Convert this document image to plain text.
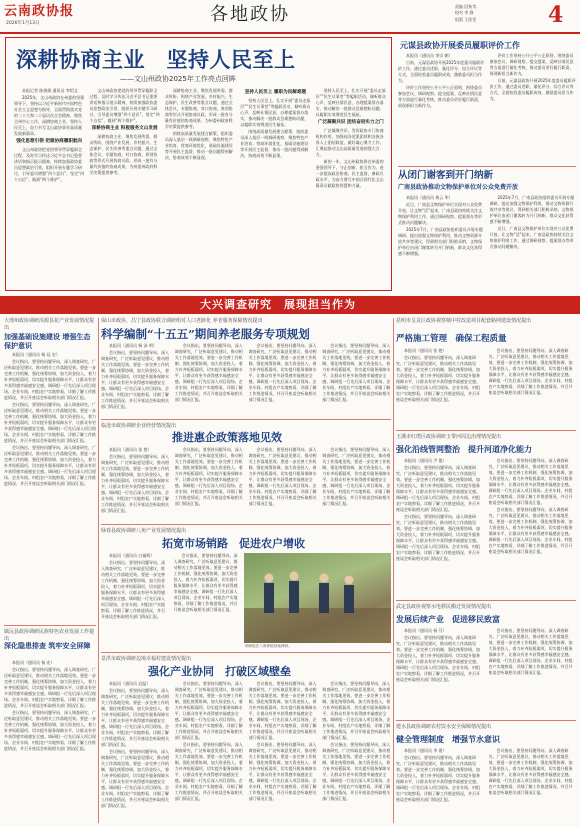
云南政协报
2026年1月13日	各地政协	责编 段秋苇
校对 李 静
组版 王欣雯	4
深耕协商主业　坚持人民至上
——文山州政协2025年工作亮点回眸

本报记者 陈娟娟 通讯员 李绍文

2025年，文山州政协在州委的坚强领导下，坚持以习近平新时代中国特色社会主义思想为指导，全面贯彻落实党的二十大和二十届历次全会精神，聚焦全州中心工作，深耕协商主业，坚持人民至上，奋力书写文山政协事业高质量发展新篇章。

强化思想引领 把稳协商履职航向

文山州政协把党的领导贯穿履职全过程，及时学习传达习近平总书记重要讲话和指示批示精神，持续加强政协委员思想政治引领，组织开展专题学习研讨，引导委员增强“四个意识”、坚定“四个自信”、做到“两个维护”。

文山州政协把党的领导贯穿履职全过程，及时学习传达习近平总书记重要讲话和指示批示精神，持续加强政协委员思想政治引领，组织开展专题学习研讨，引导委员增强“四个意识”、坚定“四个自信”、做到“两个维护”。

深耕协商主业 积极服务文山发展

深耕协商主业，聚焦发展所需、群众所盼，围绕产业发展、乡村振兴、生态保护、民生改善等重点议题，通过全体会议、专题协商、对口协商、界别协商等形式开展协商议政，形成一批有分量有价值的协商成果，为州委州政府科学决策提供参考。

深耕协商主业，聚焦发展所需、群众所盼，围绕产业发展、乡村振兴、生态保护、民生改善等重点议题，通过全体会议、专题协商、对口协商、界别协商等形式开展协商议政，形成一批有分量有价值的协商成果，为州委州政府科学决策提供参考。

围绕高质量发展建言献策，组织委员深入基层一线调研视察，聚焦特色产业培育、营商环境优化、基础设施建设等开展民主监督，推动一批问题得到解决，协商成效不断显现。

坚持人民至上 履职为民解难题

坚持人民至上，扎实开展“委员走基层”“民生议事堂”等履职活动，倾听群众心声，反映社情民意，办理提案督办落实，推动解决一批群众急难愁盼问题，以履职实效增进民生福祉。

围绕高质量发展建言献策，组织委员深入基层一线调研视察，聚焦特色产业培育、营商环境优化、基础设施建设等开展民主监督，推动一批问题得到解决，协商成效不断显现。

坚持人民至上，扎实开展“委员走基层”“民生议事堂”等履职活动，倾听群众心声，反映社情民意，办理提案督办落实，推动解决一批群众急难愁盼问题，以履职实效增进民生福祉。

广泛凝聚共识 团结奋进实力之门

广泛凝聚共识，发挥政协专门协商机构作用，加强同各党派团体和各族各界人士团结联谊，做好凝心聚力工作，汇聚起推动文山高质量发展的强大合力。

新的一年，文山州政协将在州委的坚强领导下，守正创新、担当作为，进一步提高政治协商、民主监督、参政议政水平，为奋力谱写中国式现代化文山篇章贡献政协智慧和力量。

元谋县政协开展委员履职评价工作

本报讯（通讯员 李宗 朝）

日前，元谋县政协开展2025年度委员履职评价工作，通过委员述职、量化评分、综合评议等方式，全面检验委员履职成效，激励委员担当作为。

评价工作坚持公开公平公正原则，围绕委员参加会议、调研视察、提交提案、反映社情民意等方面进行量化考核，推动委员更好履行职责，展现新担当新作为。

评价工作坚持公开公平公正原则，围绕委员参加会议、调研视察、提交提案、反映社情民意等方面进行量化考核，推动委员更好履行职责，展现新担当新作为。

日前，元谋县政协开展2025年度委员履职评价工作，通过委员述职、量化评分、综合评议等方式，全面检验委员履职成效，激励委员担当作为。

从闭门谢客到开门纳新
广南县政协推动文物保护单位对公众免费开放

本报讯（通讯员 黄云 华）

近日，广南县文物保护单位实现对公众免费开放，让文物“活”起来，广南县政协持续关注文物保护利用工作，通过调研视察、提案督办等形式推动问题解决。

2025年7月，广南县政协组织委员开展专题调研，提出加强文物保护利用、推动文物资源开放共享等建议，得到相关部门积极采纳，文物保护单位由闭门谢客转为开门纳新，群众文化获得感不断增强。

2025年7月，广南县政协组织委员开展专题调研，提出加强文物保护利用、推动文物资源开放共享等建议，得到相关部门积极采纳，文物保护单位由闭门谢客转为开门纳新，群众文化获得感不断增强。

近日，广南县文物保护单位实现对公众免费开放，让文物“活”起来，广南县政协持续关注文物保护利用工作，通过调研视察、提案督办等形式推动问题解决。

大兴调查研究　展现担当作为
大理州政协调研洱源县花产业发展情况提出
加强基础设施建设 增强生态保护意识

本报讯（通讯员 杨 冠 宏）

会议指出，要坚持问题导向，深入调查研究，广泛听取意见建议，推动相关工作落地见效。要进一步完善工作机制，强化统筹协调，加大资金投入，着力补齐短板弱项，切实提升服务保障水平，让群众有更多获得感幸福感安全感。调研组一行先后深入项目现场、企业车间、村组农户实地察看，详细了解工作推进情况，并召开座谈会听取相关部门情况汇报。

会议指出，要坚持问题导向，深入调查研究，广泛听取意见建议，推动相关工作落地见效。要进一步完善工作机制，强化统筹协调，加大资金投入，着力补齐短板弱项，切实提升服务保障水平，让群众有更多获得感幸福感安全感。调研组一行先后深入项目现场、企业车间、村组农户实地察看，详细了解工作推进情况，并召开座谈会听取相关部门情况汇报。

会议指出，要坚持问题导向，深入调查研究，广泛听取意见建议，推动相关工作落地见效。要进一步完善工作机制，强化统筹协调，加大资金投入，着力补齐短板弱项，切实提升服务保障水平，让群众有更多获得感幸福感安全感。调研组一行先后深入项目现场、企业车间、村组农户实地察看，详细了解工作推进情况，并召开座谈会听取相关部门情况汇报。

镇沅县政协调研民族特色农业发展工作提出
深化隐患排查 筑牢安全屏障

本报讯（通讯员 杨 宏）

会议指出，要坚持问题导向，深入调查研究，广泛听取意见建议，推动相关工作落地见效。要进一步完善工作机制，强化统筹协调，加大资金投入，着力补齐短板弱项，切实提升服务保障水平，让群众有更多获得感幸福感安全感。调研组一行先后深入项目现场、企业车间、村组农户实地察看，详细了解工作推进情况，并召开座谈会听取相关部门情况汇报。

会议指出，要坚持问题导向，深入调查研究，广泛听取意见建议，推动相关工作落地见效。要进一步完善工作机制，强化统筹协调，加大资金投入，着力补齐短板弱项，切实提升服务保障水平，让群众有更多获得感幸福感安全感。调研组一行先后深入项目现场、企业车间、村组农户实地察看，详细了解工作推进情况，并召开座谈会听取相关部门情况汇报。

保山市政协、昌宁县政协联合调研组对人口老龄化 养老服务保障情况提出
科学编制“十五五”期间养老服务专项规划

本报讯（通讯员 杨 泽 明）

会议指出，要坚持问题导向，深入调查研究，广泛听取意见建议，推动相关工作落地见效。要进一步完善工作机制，强化统筹协调，加大资金投入，着力补齐短板弱项，切实提升服务保障水平，让群众有更多获得感幸福感安全感。调研组一行先后深入项目现场、企业车间、村组农户实地察看，详细了解工作推进情况，并召开座谈会听取相关部门情况汇报。

会议指出，要坚持问题导向，深入调查研究，广泛听取意见建议，推动相关工作落地见效。要进一步完善工作机制，强化统筹协调，加大资金投入，着力补齐短板弱项，切实提升服务保障水平，让群众有更多获得感幸福感安全感。调研组一行先后深入项目现场、企业车间、村组农户实地察看，详细了解工作推进情况，并召开座谈会听取相关部门情况汇报。

会议指出，要坚持问题导向，深入调查研究，广泛听取意见建议，推动相关工作落地见效。要进一步完善工作机制，强化统筹协调，加大资金投入，着力补齐短板弱项，切实提升服务保障水平，让群众有更多获得感幸福感安全感。调研组一行先后深入项目现场、企业车间、村组农户实地察看，详细了解工作推进情况，并召开座谈会听取相关部门情况汇报。

会议指出，要坚持问题导向，深入调查研究，广泛听取意见建议，推动相关工作落地见效。要进一步完善工作机制，强化统筹协调，加大资金投入，着力补齐短板弱项，切实提升服务保障水平，让群众有更多获得感幸福感安全感。调研组一行先后深入项目现场、企业车间、村组农户实地察看，详细了解工作推进情况，并召开座谈会听取相关部门情况汇报。

临沧市政协调研企业经营情况提出
推进惠企政策落地见效

本报讯（通讯员 张 艳）

会议指出，要坚持问题导向，深入调查研究，广泛听取意见建议，推动相关工作落地见效。要进一步完善工作机制，强化统筹协调，加大资金投入，着力补齐短板弱项，切实提升服务保障水平，让群众有更多获得感幸福感安全感。调研组一行先后深入项目现场、企业车间、村组农户实地察看，详细了解工作推进情况，并召开座谈会听取相关部门情况汇报。

会议指出，要坚持问题导向，深入调查研究，广泛听取意见建议，推动相关工作落地见效。要进一步完善工作机制，强化统筹协调，加大资金投入，着力补齐短板弱项，切实提升服务保障水平，让群众有更多获得感幸福感安全感。调研组一行先后深入项目现场、企业车间、村组农户实地察看，详细了解工作推进情况，并召开座谈会听取相关部门情况汇报。

会议指出，要坚持问题导向，深入调查研究，广泛听取意见建议，推动相关工作落地见效。要进一步完善工作机制，强化统筹协调，加大资金投入，着力补齐短板弱项，切实提升服务保障水平，让群众有更多获得感幸福感安全感。调研组一行先后深入项目现场、企业车间、村组农户实地察看，详细了解工作推进情况，并召开座谈会听取相关部门情况汇报。

会议指出，要坚持问题导向，深入调查研究，广泛听取意见建议，推动相关工作落地见效。要进一步完善工作机制，强化统筹协调，加大资金投入，着力补齐短板弱项，切实提升服务保障水平，让群众有更多获得感幸福感安全感。调研组一行先后深入项目现场、企业车间、村组农户实地察看，详细了解工作推进情况，并召开座谈会听取相关部门情况汇报。

绿春县政协调研八角产业发展情况提出
拓宽市场销路　促进农户增收

本报讯（通讯员 白福辉）

会议指出，要坚持问题导向，深入调查研究，广泛听取意见建议，推动相关工作落地见效。要进一步完善工作机制，强化统筹协调，加大资金投入，着力补齐短板弱项，切实提升服务保障水平，让群众有更多获得感幸福感安全感。调研组一行先后深入项目现场、企业车间、村组农户实地察看，详细了解工作推进情况，并召开座谈会听取相关部门情况汇报。

会议指出，要坚持问题导向，深入调查研究，广泛听取意见建议，推动相关工作落地见效。要进一步完善工作机制，强化统筹协调，加大资金投入，着力补齐短板弱项，切实提升服务保障水平，让群众有更多获得感幸福感安全感。调研组一行先后深入项目现场、企业车间、村组农户实地察看，详细了解工作推进情况，并召开座谈会听取相关部门情况汇报。

调研组在八角种植基地调研。
景洪市政协调研边境幸福村建设情况提出
强化产业协同　打破区域壁垒

本报讯（通讯员 岩温）

会议指出，要坚持问题导向，深入调查研究，广泛听取意见建议，推动相关工作落地见效。要进一步完善工作机制，强化统筹协调，加大资金投入，着力补齐短板弱项，切实提升服务保障水平，让群众有更多获得感幸福感安全感。调研组一行先后深入项目现场、企业车间、村组农户实地察看，详细了解工作推进情况，并召开座谈会听取相关部门情况汇报。

会议指出，要坚持问题导向，深入调查研究，广泛听取意见建议，推动相关工作落地见效。要进一步完善工作机制，强化统筹协调，加大资金投入，着力补齐短板弱项，切实提升服务保障水平，让群众有更多获得感幸福感安全感。调研组一行先后深入项目现场、企业车间、村组农户实地察看，详细了解工作推进情况，并召开座谈会听取相关部门情况汇报。

会议指出，要坚持问题导向，深入调查研究，广泛听取意见建议，推动相关工作落地见效。要进一步完善工作机制，强化统筹协调，加大资金投入，着力补齐短板弱项，切实提升服务保障水平，让群众有更多获得感幸福感安全感。调研组一行先后深入项目现场、企业车间、村组农户实地察看，详细了解工作推进情况，并召开座谈会听取相关部门情况汇报。

会议指出，要坚持问题导向，深入调查研究，广泛听取意见建议，推动相关工作落地见效。要进一步完善工作机制，强化统筹协调，加大资金投入，着力补齐短板弱项，切实提升服务保障水平，让群众有更多获得感幸福感安全感。调研组一行先后深入项目现场、企业车间、村组农户实地察看，详细了解工作推进情况，并召开座谈会听取相关部门情况汇报。

会议指出，要坚持问题导向，深入调查研究，广泛听取意见建议，推动相关工作落地见效。要进一步完善工作机制，强化统筹协调，加大资金投入，着力补齐短板弱项，切实提升服务保障水平，让群众有更多获得感幸福感安全感。调研组一行先后深入项目现场、企业车间、村组农户实地察看，详细了解工作推进情况，并召开座谈会听取相关部门情况汇报。

会议指出，要坚持问题导向，深入调查研究，广泛听取意见建议，推动相关工作落地见效。要进一步完善工作机制，强化统筹协调，加大资金投入，着力补齐短板弱项，切实提升服务保障水平，让群众有更多获得感幸福感安全感。调研组一行先后深入项目现场、企业车间、村组农户实地察看，详细了解工作推进情况，并召开座谈会听取相关部门情况汇报。

会议指出，要坚持问题导向，深入调查研究，广泛听取意见建议，推动相关工作落地见效。要进一步完善工作机制，强化统筹协调，加大资金投入，着力补齐短板弱项，切实提升服务保障水平，让群众有更多获得感幸福感安全感。调研组一行先后深入项目现场、企业车间、村组农户实地察看，详细了解工作推进情况，并召开座谈会听取相关部门情况汇报。

会议指出，要坚持问题导向，深入调查研究，广泛听取意见建议，推动相关工作落地见效。要进一步完善工作机制，强化统筹协调，加大资金投入，着力补齐短板弱项，切实提升服务保障水平，让群众有更多获得感幸福感安全感。调研组一行先后深入项目现场、企业车间、村组农户实地察看，详细了解工作推进情况，并召开座谈会听取相关部门情况汇报。

昆明市呈贡区政协视察城中村改造项目配套路网建设情况提出
严格施工管理　确保工程质量

本报讯（通讯员 张 艳）

会议指出，要坚持问题导向，深入调查研究，广泛听取意见建议，推动相关工作落地见效。要进一步完善工作机制，强化统筹协调，加大资金投入，着力补齐短板弱项，切实提升服务保障水平，让群众有更多获得感幸福感安全感。调研组一行先后深入项目现场、企业车间、村组农户实地察看，详细了解工作推进情况，并召开座谈会听取相关部门情况汇报。

会议指出，要坚持问题导向，深入调查研究，广泛听取意见建议，推动相关工作落地见效。要进一步完善工作机制，强化统筹协调，加大资金投入，着力补齐短板弱项，切实提升服务保障水平，让群众有更多获得感幸福感安全感。调研组一行先后深入项目现场、企业车间、村组农户实地察看，详细了解工作推进情况，并召开座谈会听取相关部门情况汇报。

玉溪市红塔区政协调研玉带河周边治理情况提出
强化沿线管网整治　提升河道净化能力

本报讯（通讯员 尹 俊）

会议指出，要坚持问题导向，深入调查研究，广泛听取意见建议，推动相关工作落地见效。要进一步完善工作机制，强化统筹协调，加大资金投入，着力补齐短板弱项，切实提升服务保障水平，让群众有更多获得感幸福感安全感。调研组一行先后深入项目现场、企业车间、村组农户实地察看，详细了解工作推进情况，并召开座谈会听取相关部门情况汇报。

会议指出，要坚持问题导向，深入调查研究，广泛听取意见建议，推动相关工作落地见效。要进一步完善工作机制，强化统筹协调，加大资金投入，着力补齐短板弱项，切实提升服务保障水平，让群众有更多获得感幸福感安全感。调研组一行先后深入项目现场、企业车间、村组农户实地察看，详细了解工作推进情况，并召开座谈会听取相关部门情况汇报。

会议指出，要坚持问题导向，深入调查研究，广泛听取意见建议，推动相关工作落地见效。要进一步完善工作机制，强化统筹协调，加大资金投入，着力补齐短板弱项，切实提升服务保障水平，让群众有更多获得感幸福感安全感。调研组一行先后深入项目现场、企业车间、村组农户实地察看，详细了解工作推进情况，并召开座谈会听取相关部门情况汇报。

会议指出，要坚持问题导向，深入调查研究，广泛听取意见建议，推动相关工作落地见效。要进一步完善工作机制，强化统筹协调，加大资金投入，着力补齐短板弱项，切实提升服务保障水平，让群众有更多获得感幸福感安全感。调研组一行先后深入项目现场、企业车间、村组农户实地察看，详细了解工作推进情况，并召开座谈会听取相关部门情况汇报。

武定县政协视察水电移民搬迁发展情况提出
发展后续产业　促进移民致富

本报讯（通讯员 杨 芬）

会议指出，要坚持问题导向，深入调查研究，广泛听取意见建议，推动相关工作落地见效。要进一步完善工作机制，强化统筹协调，加大资金投入，着力补齐短板弱项，切实提升服务保障水平，让群众有更多获得感幸福感安全感。调研组一行先后深入项目现场、企业车间、村组农户实地察看，详细了解工作推进情况，并召开座谈会听取相关部门情况汇报。

会议指出，要坚持问题导向，深入调查研究，广泛听取意见建议，推动相关工作落地见效。要进一步完善工作机制，强化统筹协调，加大资金投入，着力补齐短板弱项，切实提升服务保障水平，让群众有更多获得感幸福感安全感。调研组一行先后深入项目现场、企业车间、村组农户实地察看，详细了解工作推进情况，并召开座谈会听取相关部门情况汇报。

建水县政协调研农村饮水安全保障情况提出
健全管理制度　增强节水意识

本报讯（通讯员 李 建）

会议指出，要坚持问题导向，深入调查研究，广泛听取意见建议，推动相关工作落地见效。要进一步完善工作机制，强化统筹协调，加大资金投入，着力补齐短板弱项，切实提升服务保障水平，让群众有更多获得感幸福感安全感。调研组一行先后深入项目现场、企业车间、村组农户实地察看，详细了解工作推进情况，并召开座谈会听取相关部门情况汇报。

会议指出，要坚持问题导向，深入调查研究，广泛听取意见建议，推动相关工作落地见效。要进一步完善工作机制，强化统筹协调，加大资金投入，着力补齐短板弱项，切实提升服务保障水平，让群众有更多获得感幸福感安全感。调研组一行先后深入项目现场、企业车间、村组农户实地察看，详细了解工作推进情况，并召开座谈会听取相关部门情况汇报。
